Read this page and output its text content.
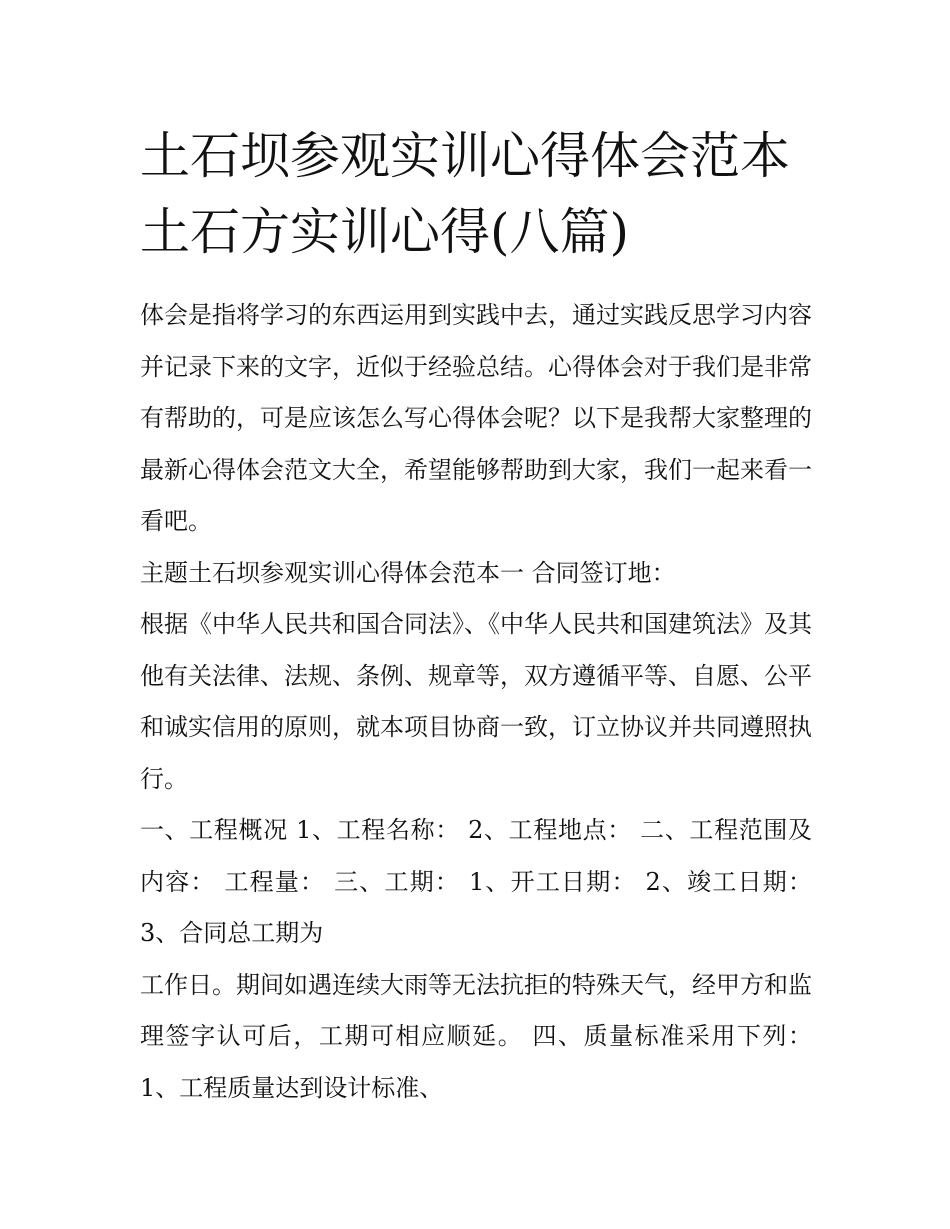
土石坝参观实训心得体会范本
土石方实训心得(八篇)

体会是指将学习的东西运用到实践中去，通过实践反思学习内容并记录下来的文字，近似于经验总结。心得体会对于我们是非常有帮助的，可是应该怎么写心得体会呢？以下是我帮大家整理的最新心得体会范文大全，希望能够帮助到大家，我们一起来看一看吧。

主题土石坝参观实训心得体会范本一 合同签订地：

根据《中华人民共和国合同法》、《中华人民共和国建筑法》及其他有关法律、法规、条例、规章等，双方遵循平等、自愿、公平和诚实信用的原则，就本项目协商一致，订立协议并共同遵照执行。

一、工程概况 1、工程名称： 2、工程地点： 二、工程范围及内容： 工程量： 三、工期： 1、开工日期： 2、竣工日期： 3、合同总工期为

工作日。期间如遇连续大雨等无法抗拒的特殊天气，经甲方和监理签字认可后，工期可相应顺延。 四、质量标准采用下列： 1、工程质量达到设计标准、
